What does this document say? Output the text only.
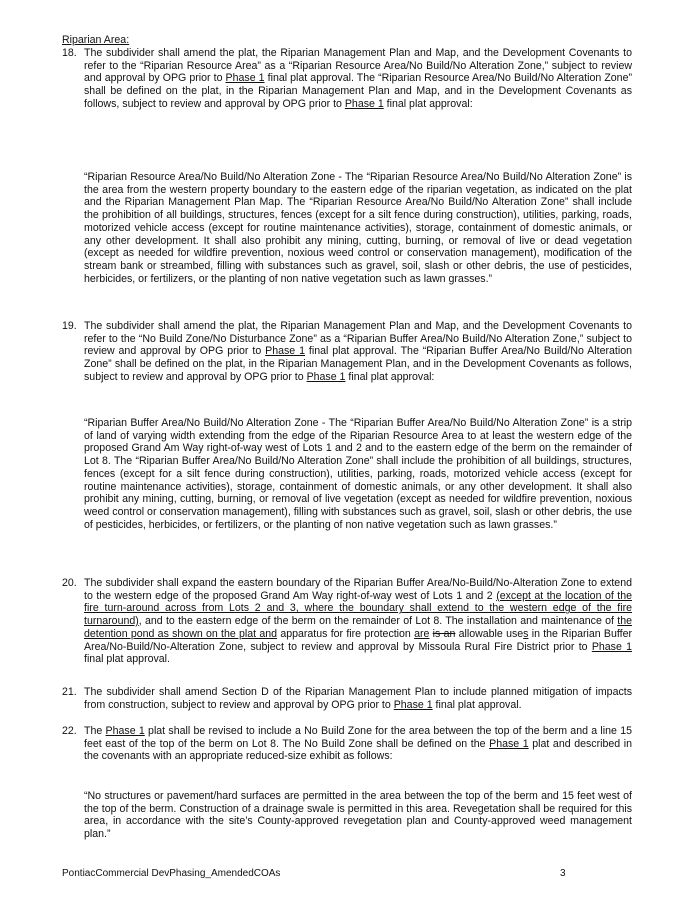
Riparian Area:
18. The subdivider shall amend the plat, the Riparian Management Plan and Map, and the Development Covenants to refer to the “Riparian Resource Area” as a “Riparian Resource Area/No Build/No Alteration Zone,” subject to review and approval by OPG prior to Phase 1 final plat approval. The “Riparian Resource Area/No Build/No Alteration Zone” shall be defined on the plat, in the Riparian Management Plan and Map, and in the Development Covenants as follows, subject to review and approval by OPG prior to Phase 1 final plat approval:
“Riparian Resource Area/No Build/No Alteration Zone - The “Riparian Resource Area/No Build/No Alteration Zone” is the area from the western property boundary to the eastern edge of the riparian vegetation, as indicated on the plat and the Riparian Management Plan Map. The “Riparian Resource Area/No Build/No Alteration Zone” shall include the prohibition of all buildings, structures, fences (except for a silt fence during construction), utilities, parking, roads, motorized vehicle access (except for routine maintenance activities), storage, containment of domestic animals, or any other development. It shall also prohibit any mining, cutting, burning, or removal of live or dead vegetation (except as needed for wildfire prevention, noxious weed control or conservation management), modification of the stream bank or streambed, filling with substances such as gravel, soil, slash or other debris, the use of pesticides, herbicides, or fertilizers, or the planting of non native vegetation such as lawn grasses.”
19. The subdivider shall amend the plat, the Riparian Management Plan and Map, and the Development Covenants to refer to the “No Build Zone/No Disturbance Zone” as a “Riparian Buffer Area/No Build/No Alteration Zone,” subject to review and approval by OPG prior to Phase 1 final plat approval. The “Riparian Buffer Area/No Build/No Alteration Zone” shall be defined on the plat, in the Riparian Management Plan, and in the Development Covenants as follows, subject to review and approval by OPG prior to Phase 1 final plat approval:
“Riparian Buffer Area/No Build/No Alteration Zone - The “Riparian Buffer Area/No Build/No Alteration Zone” is a strip of land of varying width extending from the edge of the Riparian Resource Area to at least the western edge of the proposed Grand Am Way right-of-way west of Lots 1 and 2 and to the eastern edge of the berm on the remainder of Lot 8. The “Riparian Buffer Area/No Build/No Alteration Zone” shall include the prohibition of all buildings, structures, fences (except for a silt fence during construction), utilities, parking, roads, motorized vehicle access (except for routine maintenance activities), storage, containment of domestic animals, or any other development. It shall also prohibit any mining, cutting, burning, or removal of live vegetation (except as needed for wildfire prevention, noxious weed control or conservation management), filling with substances such as gravel, soil, slash or other debris, the use of pesticides, herbicides, or fertilizers, or the planting of non native vegetation such as lawn grasses.”
20. The subdivider shall expand the eastern boundary of the Riparian Buffer Area/No-Build/No-Alteration Zone to extend to the western edge of the proposed Grand Am Way right-of-way west of Lots 1 and 2 (except at the location of the fire turn-around across from Lots 2 and 3, where the boundary shall extend to the western edge of the fire turnaround), and to the eastern edge of the berm on the remainder of Lot 8. The installation and maintenance of the detention pond as shown on the plat and apparatus for fire protection are is an allowable uses in the Riparian Buffer Area/No-Build/No-Alteration Zone, subject to review and approval by Missoula Rural Fire District prior to Phase 1 final plat approval.
21. The subdivider shall amend Section D of the Riparian Management Plan to include planned mitigation of impacts from construction, subject to review and approval by OPG prior to Phase 1 final plat approval.
22. The Phase 1 plat shall be revised to include a No Build Zone for the area between the top of the berm and a line 15 feet east of the top of the berm on Lot 8. The No Build Zone shall be defined on the Phase 1 plat and described in the covenants with an appropriate reduced-size exhibit as follows:
“No structures or pavement/hard surfaces are permitted in the area between the top of the berm and 15 feet west of the top of the berm. Construction of a drainage swale is permitted in this area. Revegetation shall be required for this area, in accordance with the site’s County-approved revegetation plan and County-approved weed management plan.”
PontiacCommercial DevPhasing_AmendedCOAs	3
